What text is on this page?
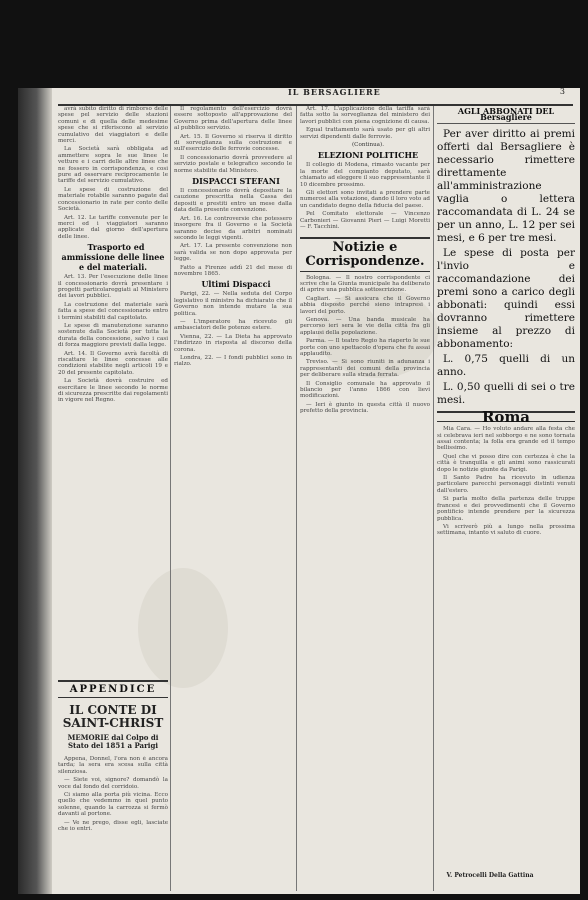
IL BERSAGLIERE	3

avrà subìto diritto di rimborso delle spese pel servizio delle stazioni comuni e di quella delle medesime spese che si riferiscono al servizio cumulativo dei viaggiatori e delle merci.

La Società sarà obbligata ad ammettere sopra le sue linee le vetture e i carri delle altre linee che ne fossero in corrispondenza, e cosi pure ad osservare reciprocamente le tariffe del servizio cumulativo.

Le spese di costruzione del materiale rotabile saranno pagate dal concessionario in rate per conto delle Società.

Art. 12. Le tariffe convenute per le merci ed i viaggiatori saranno applicate dal giorno dell'apertura delle linee.

Trasporto ed ammissione delle linee e del materiali.

Art. 13. Per l'esecuzione delle linee il concessionario dovrà presentare i progetti particolareggiati al Ministero dei lavori pubblici.

La costruzione del materiale sarà fatta a spese del concessionario entro i termini stabiliti dal capitolato.

Le spese di manutenzione saranno sostenute dalla Società per tutta la durata della concessione, salvo i casi di forza maggiore previsti dalla legge.

Art. 14. Il Governo avrà facoltà di riscattare le linee concesse alle condizioni stabilite negli articoli 19 e 20 del presente capitolato.

La Società dovrà costruire ed esercitare le linee secondo le norme di sicurezza prescritte dai regolamenti in vigore nel Regno.

APPENDICE
IL CONTE DI SAINT-CHRIST
MEMORIE dal Colpo di Stato del 1851 a Parigi

Appena, Donnel, l'ora non è ancora tarda; la sera era scesa sulla città silenziosa.

— Siete voi, signore? domandò la voce dal fondo del corridoio.

Ci siamo alla porta più vicina. Ecco quello che vedemmo in quel punto solenne, quando la carrozza si fermò davanti al portone.

— Ve ne prego, disse egli, lasciate che io entri.

Il regolamento dell'esercizio dovrà essere sottoposto all'approvazione del Governo prima dell'apertura delle linee al pubblico servizio.

Art. 15. Il Governo si riserva il diritto di sorveglianza sulla costruzione e sull'esercizio delle ferrovie concesse.

Il concessionario dovrà provvedere al servizio postale e telegrafico secondo le norme stabilite dal Ministero.

DISPACCI STEFANI

Il concessionario dovrà depositare la cauzione prescritta nella Cassa dei depositi e prestiti entro un mese dalla data della presente convenzione.

Art. 16. Le controversie che potessero insorgere fra il Governo e la Società saranno decise da arbitri nominati secondo le leggi vigenti.

Art. 17. La presente convenzione non sarà valida se non dopo approvata per legge.

Fatto a Firenze addì 21 del mese di novembre 1865.

Ultimi Dispacci

Parigi, 22. — Nella seduta del Corpo legislativo il ministro ha dichiarato che il Governo non intende mutare la sua politica.

— L'imperatore ha ricevuto gli ambasciatori delle potenze estere.

Vienna, 22. — La Dieta ha approvato l'indirizzo in risposta al discorso della corona.

Londra, 22. — I fondi pubblici sono in rialzo.

Art. 17. L'applicazione della tariffa sarà fatta sotto la sorveglianza del ministero dei lavori pubblici con piena cognizione di causa.

Egual trattamento sarà usato per gli altri servizi dipendenti dalle ferrovie.

(Continua).

ELEZIONI POLITICHE

Il collegio di Modena, rimasto vacante per la morte del compianto deputato, sarà chiamato ad eleggere il suo rappresentante il 10 dicembre prossimo.

Gli elettori sono invitati a prendere parte numerosi alla votazione, dando il loro voto ad un candidato degno della fiducia del paese.

Pel Comitato elettorale — Vincenzo Carbonieri — Giovanni Pieri — Luigi Moretti — F. Tacchini.

Notizie e Corrispondenze.

Bologna. — Il nostro corrispondente ci scrive che la Giunta municipale ha deliberato di aprire una pubblica sottoscrizione.

Cagliari. — Si assicura che il Governo abbia disposto perché sieno intrapresi i lavori del porto.

Genova. — Una banda musicale ha percorso ieri sera le vie della città fra gli applausi della popolazione.

Parma. — Il teatro Regio ha riaperto le sue porte con uno spettacolo d'opera che fu assai applaudito.

Treviso. — Si sono riuniti in adunanza i rappresentanti dei comuni della provincia per deliberare sulla strada ferrata.

Il Consiglio comunale ha approvato il bilancio per l'anno 1866 con lievi modificazioni.

— Ieri è giunto in questa città il nuovo prefetto della provincia.

AGLI ABBONATI DEL Bersagliere

Per aver diritto ai premi offerti dal Bersagliere è necessario rimettere direttamente all'amministrazione vaglia o lettera raccomandata di L. 24 se per un anno, L. 12 per sei mesi, e 6 per tre mesi.

Le spese di posta per l'invio e raccomandazione dei premi sono a carico degli abbonati: quindi essi dovranno rimettere insieme al prezzo di abbonamento:

L. 0,75 quelli di un anno.

L. 0,50 quelli di sei o tre mesi.

Roma

Mia Cara. — Ho voluto andare alla festa che si celebrava ieri nel sobborgo e ne sono tornata assai contenta; la folla era grande ed il tempo bellissimo.

Quel che vi posso dire con certezza è che la città è tranquilla e gli animi sono rassicurati dopo le notizie giunte da Parigi.

Il Santo Padre ha ricevuto in udienza particolare parecchi personaggi distinti venuti dall'estero.

Si parla molto della partenza delle truppe francesi e dei provvedimenti che il Governo pontificio intende prendere per la sicurezza pubblica.

Vi scriverò più a lungo nella prossima settimana, intanto vi saluto di cuore.

V. Petrocelli Della Gattina
